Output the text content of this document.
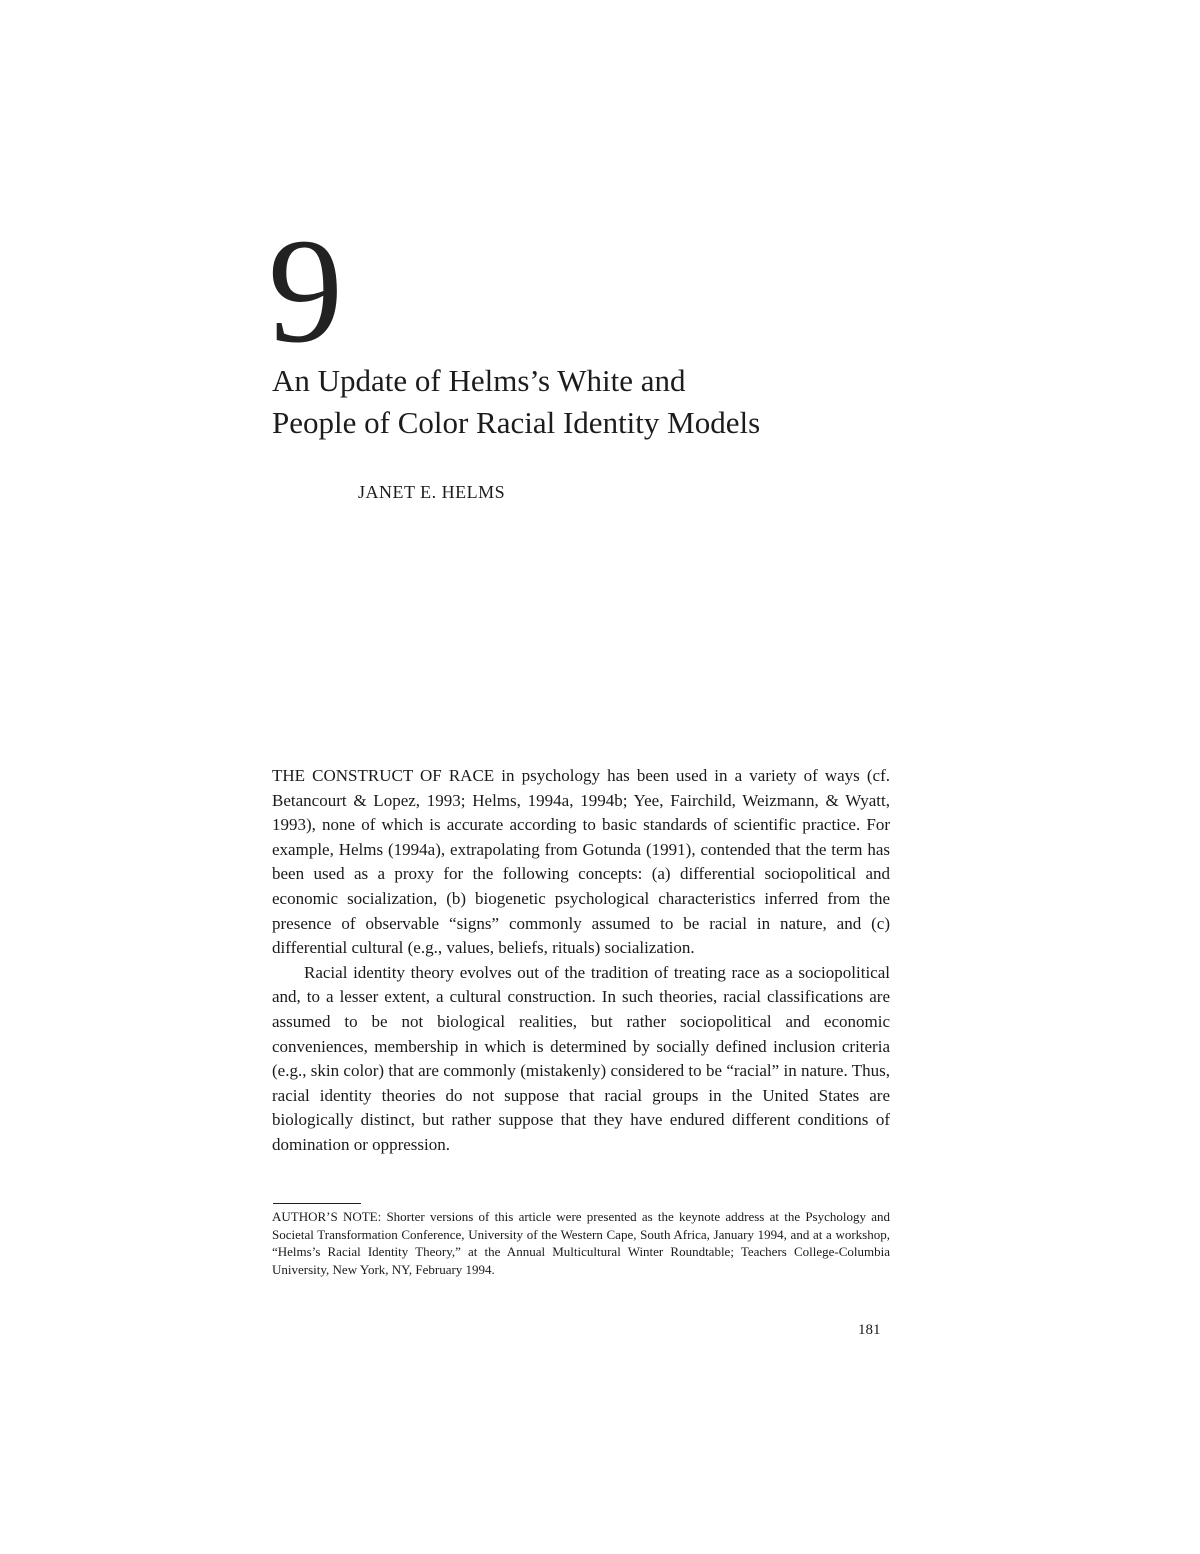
9
An Update of Helms’s White and
People of Color Racial Identity Models
JANET E. HELMS

THE CONSTRUCT OF RACE in psychology has been used in a variety of ways (cf. Betancourt & Lopez, 1993; Helms, 1994a, 1994b; Yee, Fairchild, Weizmann, & Wyatt, 1993), none of which is accurate according to basic standards of scientific practice. For example, Helms (1994a), extrapolating from Gotunda (1991), contended that the term has been used as a proxy for the following concepts: (a) differential sociopolitical and economic socialization, (b) biogenetic psychological characteristics inferred from the presence of observable “signs” commonly assumed to be racial in nature, and (c) differential cultural (e.g., values, beliefs, rituals) socialization.

Racial identity theory evolves out of the tradition of treating race as a sociopolitical and, to a lesser extent, a cultural construction. In such theories, racial classifications are assumed to be not biological realities, but rather sociopolitical and economic conveniences, membership in which is determined by socially defined inclusion criteria (e.g., skin color) that are commonly (mistakenly) considered to be “racial” in nature. Thus, racial identity theories do not suppose that racial groups in the United States are biologically distinct, but rather suppose that they have endured different conditions of domination or oppression.

AUTHOR’S NOTE: Shorter versions of this article were presented as the keynote address at the Psychology and Societal Transformation Conference, University of the Western Cape, South Africa, January 1994, and at a workshop, “Helms’s Racial Identity Theory,” at the Annual Multicultural Winter Roundtable; Teachers College-Columbia University, New York, NY, February 1994.
181
